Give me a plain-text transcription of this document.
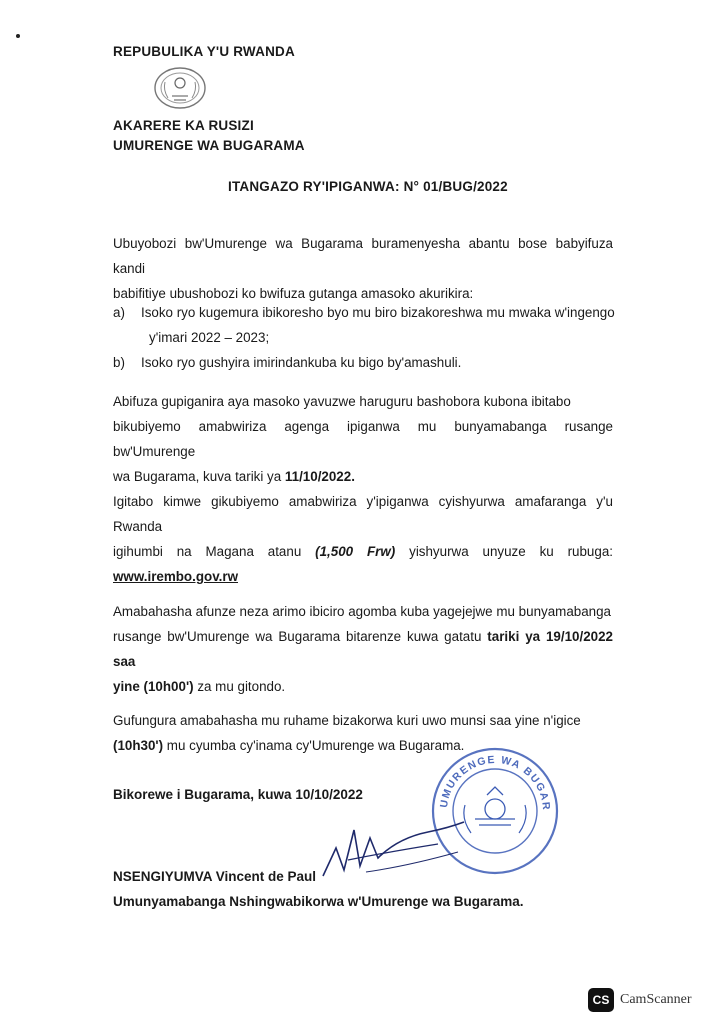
REPUBULIKA Y'U RWANDA
AKARERE KA RUSIZI
UMURENGE WA BUGARAMA
ITANGAZO RY'IPIGANWA: N° 01/BUG/2022
Ubuyobozi bw'Umurenge wa Bugarama buramenyesha abantu bose babyifuza kandi
babifitiye ubushobozi ko bwifuza gutanga amasoko akurikira:
a)	Isoko ryo kugemura ibikoresho byo mu biro bizakoreshwa mu mwaka w'ingengo
y'imari 2022 – 2023;
b)	Isoko ryo gushyira imirindankuba ku bigo by'amashuli.
Abifuza gupiganira aya masoko yavuzwe haruguru bashobora kubona ibitabo
bikubiyemo amabwiriza agenga ipiganwa mu bunyamabanga rusange bw'Umurenge
wa Bugarama, kuva tariki ya 11/10/2022.
Igitabo kimwe gikubiyemo amabwiriza y'ipiganwa cyishyurwa amafaranga y'u Rwanda
igihumbi na Magana atanu (1,500 Frw) yishyurwa unyuze ku rubuga:
www.irembo.gov.rw
Amabahasha afunze neza arimo ibiciro agomba kuba yagejejwe mu bunyamabanga
rusange bw'Umurenge wa Bugarama bitarenze kuwa gatatu tariki ya 19/10/2022 saa
yine (10h00') za mu gitondo.
Gufungura amabahasha mu ruhame bizakorwa kuri uwo munsi saa yine n'igice
(10h30') mu cyumba cy'inama cy'Umurenge wa Bugarama.
Bikorewe i Bugarama, kuwa 10/10/2022
UMURENGE WA BUGAR
NSENGIYUMVA Vincent de Paul
Umunyamabanga Nshingwabikorwa w'Umurenge wa Bugarama.
CS CamScanner
